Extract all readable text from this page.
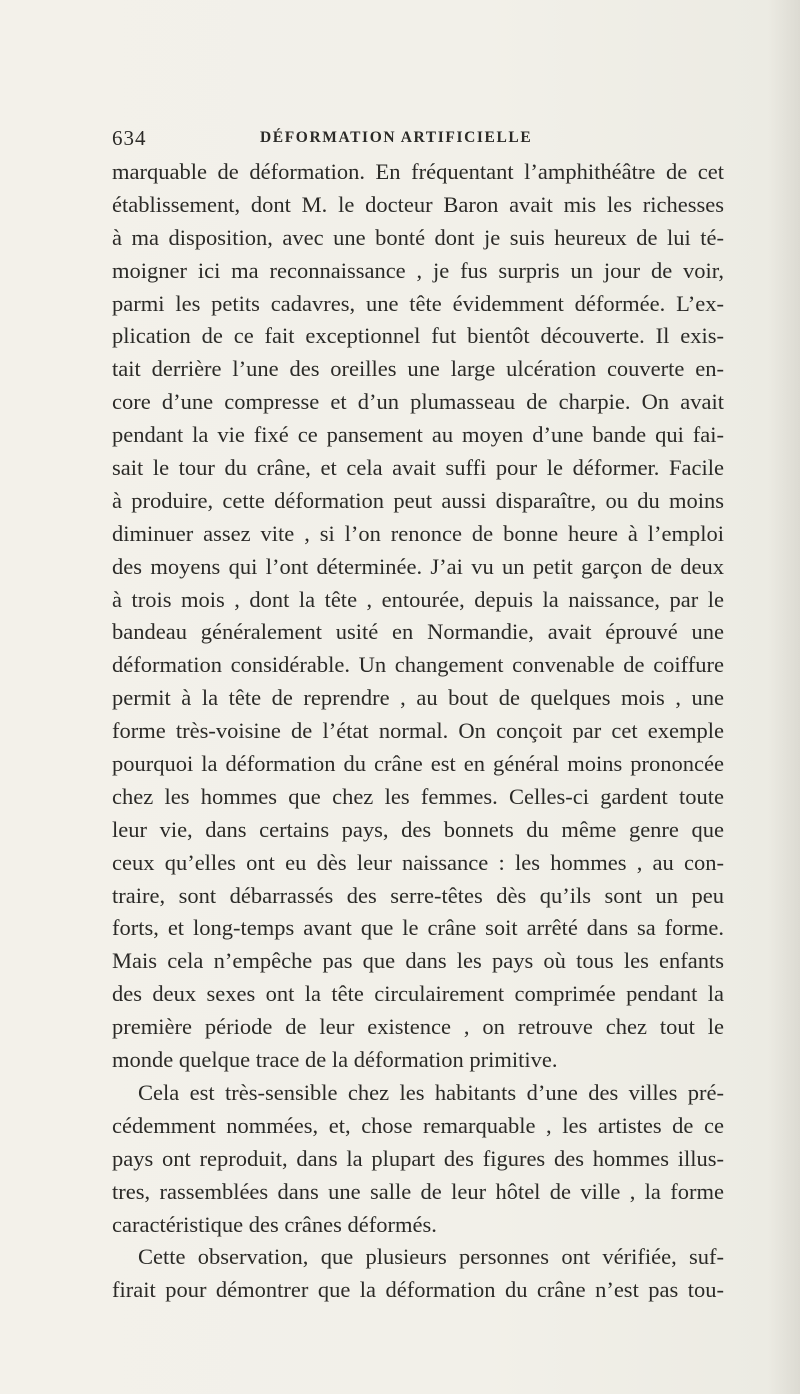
634	DÉFORMATION ARTIFICIELLE
marquable de déformation. En fréquentant l’amphithéâtre de cet
établissement, dont M. le docteur Baron avait mis les richesses
à ma disposition, avec une bonté dont je suis heureux de lui té-
moigner ici ma reconnaissance , je fus surpris un jour de voir,
parmi les petits cadavres, une tête évidemment déformée. L’ex-
plication de ce fait exceptionnel fut bientôt découverte. Il exis-
tait derrière l’une des oreilles une large ulcération couverte en-
core d’une compresse et d’un plumasseau de charpie. On avait
pendant la vie fixé ce pansement au moyen d’une bande qui fai-
sait le tour du crâne, et cela avait suffi pour le déformer. Facile
à produire, cette déformation peut aussi disparaître, ou du moins
diminuer assez vite , si l’on renonce de bonne heure à l’emploi
des moyens qui l’ont déterminée. J’ai vu un petit garçon de deux
à trois mois , dont la tête , entourée, depuis la naissance, par le
bandeau généralement usité en Normandie, avait éprouvé une
déformation considérable. Un changement convenable de coiffure
permit à la tête de reprendre , au bout de quelques mois , une
forme très-voisine de l’état normal. On conçoit par cet exemple
pourquoi la déformation du crâne est en général moins prononcée
chez les hommes que chez les femmes. Celles-ci gardent toute
leur vie, dans certains pays, des bonnets du même genre que
ceux qu’elles ont eu dès leur naissance : les hommes , au con-
traire, sont débarrassés des serre-têtes dès qu’ils sont un peu
forts, et long-temps avant que le crâne soit arrêté dans sa forme.
Mais cela n’empêche pas que dans les pays où tous les enfants
des deux sexes ont la tête circulairement comprimée pendant la
première période de leur existence , on retrouve chez tout le
monde quelque trace de la déformation primitive.
Cela est très-sensible chez les habitants d’une des villes pré-
cédemment nommées, et, chose remarquable , les artistes de ce
pays ont reproduit, dans la plupart des figures des hommes illus-
tres, rassemblées dans une salle de leur hôtel de ville , la forme
caractéristique des crânes déformés.
Cette observation, que plusieurs personnes ont vérifiée, suf-
firait pour démontrer que la déformation du crâne n’est pas tou-
